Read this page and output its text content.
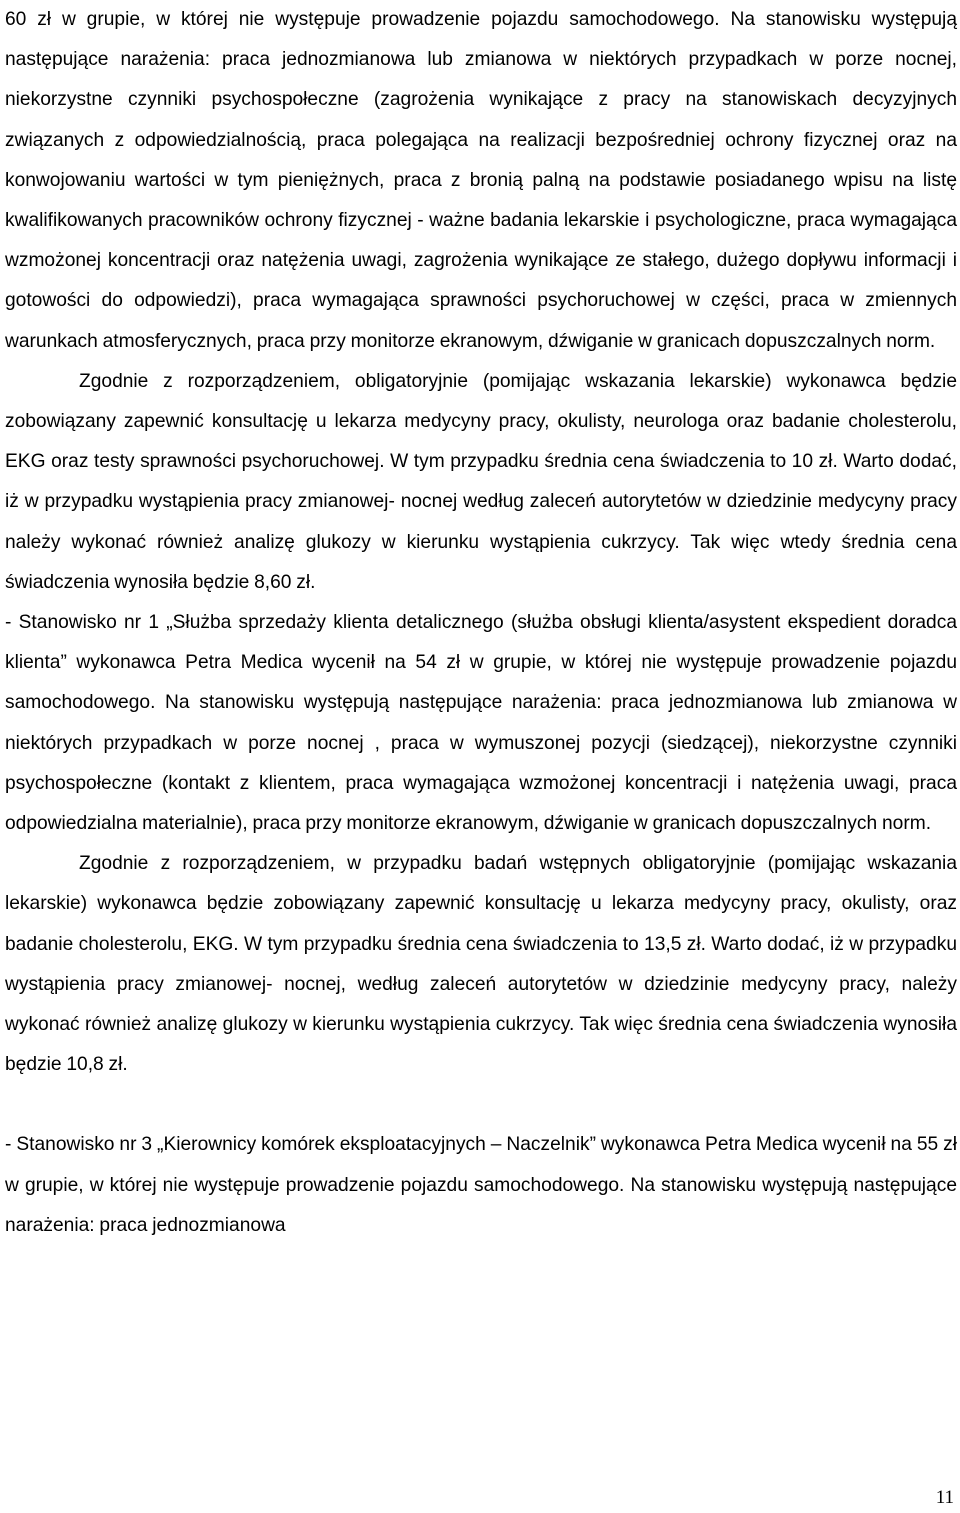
60 zł w grupie, w której nie występuje prowadzenie pojazdu samochodowego. Na stanowisku występują następujące narażenia: praca jednozmianowa lub zmianowa w niektórych przypadkach w porze nocnej, niekorzystne czynniki psychospołeczne (zagrożenia wynikające z pracy na stanowiskach decyzyjnych związanych z odpowiedzialnością, praca polegająca na realizacji bezpośredniej ochrony fizycznej oraz na konwojowaniu wartości w tym pieniężnych, praca z bronią palną na podstawie posiadanego wpisu na listę kwalifikowanych pracowników ochrony fizycznej - ważne badania lekarskie i psychologiczne, praca wymagająca wzmożonej koncentracji oraz natężenia uwagi, zagrożenia wynikające ze stałego, dużego dopływu informacji i gotowości do odpowiedzi), praca wymagająca sprawności psychoruchowej w części, praca w zmiennych warunkach atmosferycznych, praca przy monitorze ekranowym, dźwiganie w granicach dopuszczalnych norm.

Zgodnie z rozporządzeniem, obligatoryjnie (pomijając wskazania lekarskie) wykonawca będzie zobowiązany zapewnić konsultację u lekarza medycyny pracy, okulisty, neurologa oraz badanie cholesterolu, EKG oraz testy sprawności psychoruchowej. W tym przypadku średnia cena świadczenia to 10 zł. Warto dodać, iż w przypadku wystąpienia pracy zmianowej- nocnej według zaleceń autorytetów w dziedzinie medycyny pracy należy wykonać również analizę glukozy w kierunku wystąpienia cukrzycy. Tak więc wtedy średnia cena świadczenia wynosiła będzie 8,60 zł.

- Stanowisko nr 1 „Służba sprzedaży klienta detalicznego (służba obsługi klienta/asystent ekspedient doradca klienta” wykonawca Petra Medica wycenił na 54 zł w grupie, w której nie występuje prowadzenie pojazdu samochodowego. Na stanowisku występują następujące narażenia: praca jednozmianowa lub zmianowa w niektórych przypadkach w porze nocnej , praca w wymuszonej pozycji (siedzącej), niekorzystne czynniki psychospołeczne (kontakt z klientem, praca wymagająca wzmożonej koncentracji i natężenia uwagi, praca odpowiedzialna materialnie), praca przy monitorze ekranowym, dźwiganie w granicach dopuszczalnych norm.

Zgodnie z rozporządzeniem, w przypadku badań wstępnych obligatoryjnie (pomijając wskazania lekarskie) wykonawca będzie zobowiązany zapewnić konsultację u lekarza medycyny pracy, okulisty, oraz badanie cholesterolu, EKG. W tym przypadku średnia cena świadczenia to 13,5 zł. Warto dodać, iż w przypadku wystąpienia pracy zmianowej- nocnej, według zaleceń autorytetów w dziedzinie medycyny pracy, należy wykonać również analizę glukozy w kierunku wystąpienia cukrzycy. Tak więc średnia cena świadczenia wynosiła będzie 10,8 zł.

- Stanowisko nr 3 „Kierownicy komórek eksploatacyjnych – Naczelnik” wykonawca Petra Medica wycenił na 55 zł w grupie, w której nie występuje prowadzenie pojazdu samochodowego. Na stanowisku występują następujące narażenia: praca jednozmianowa

11
